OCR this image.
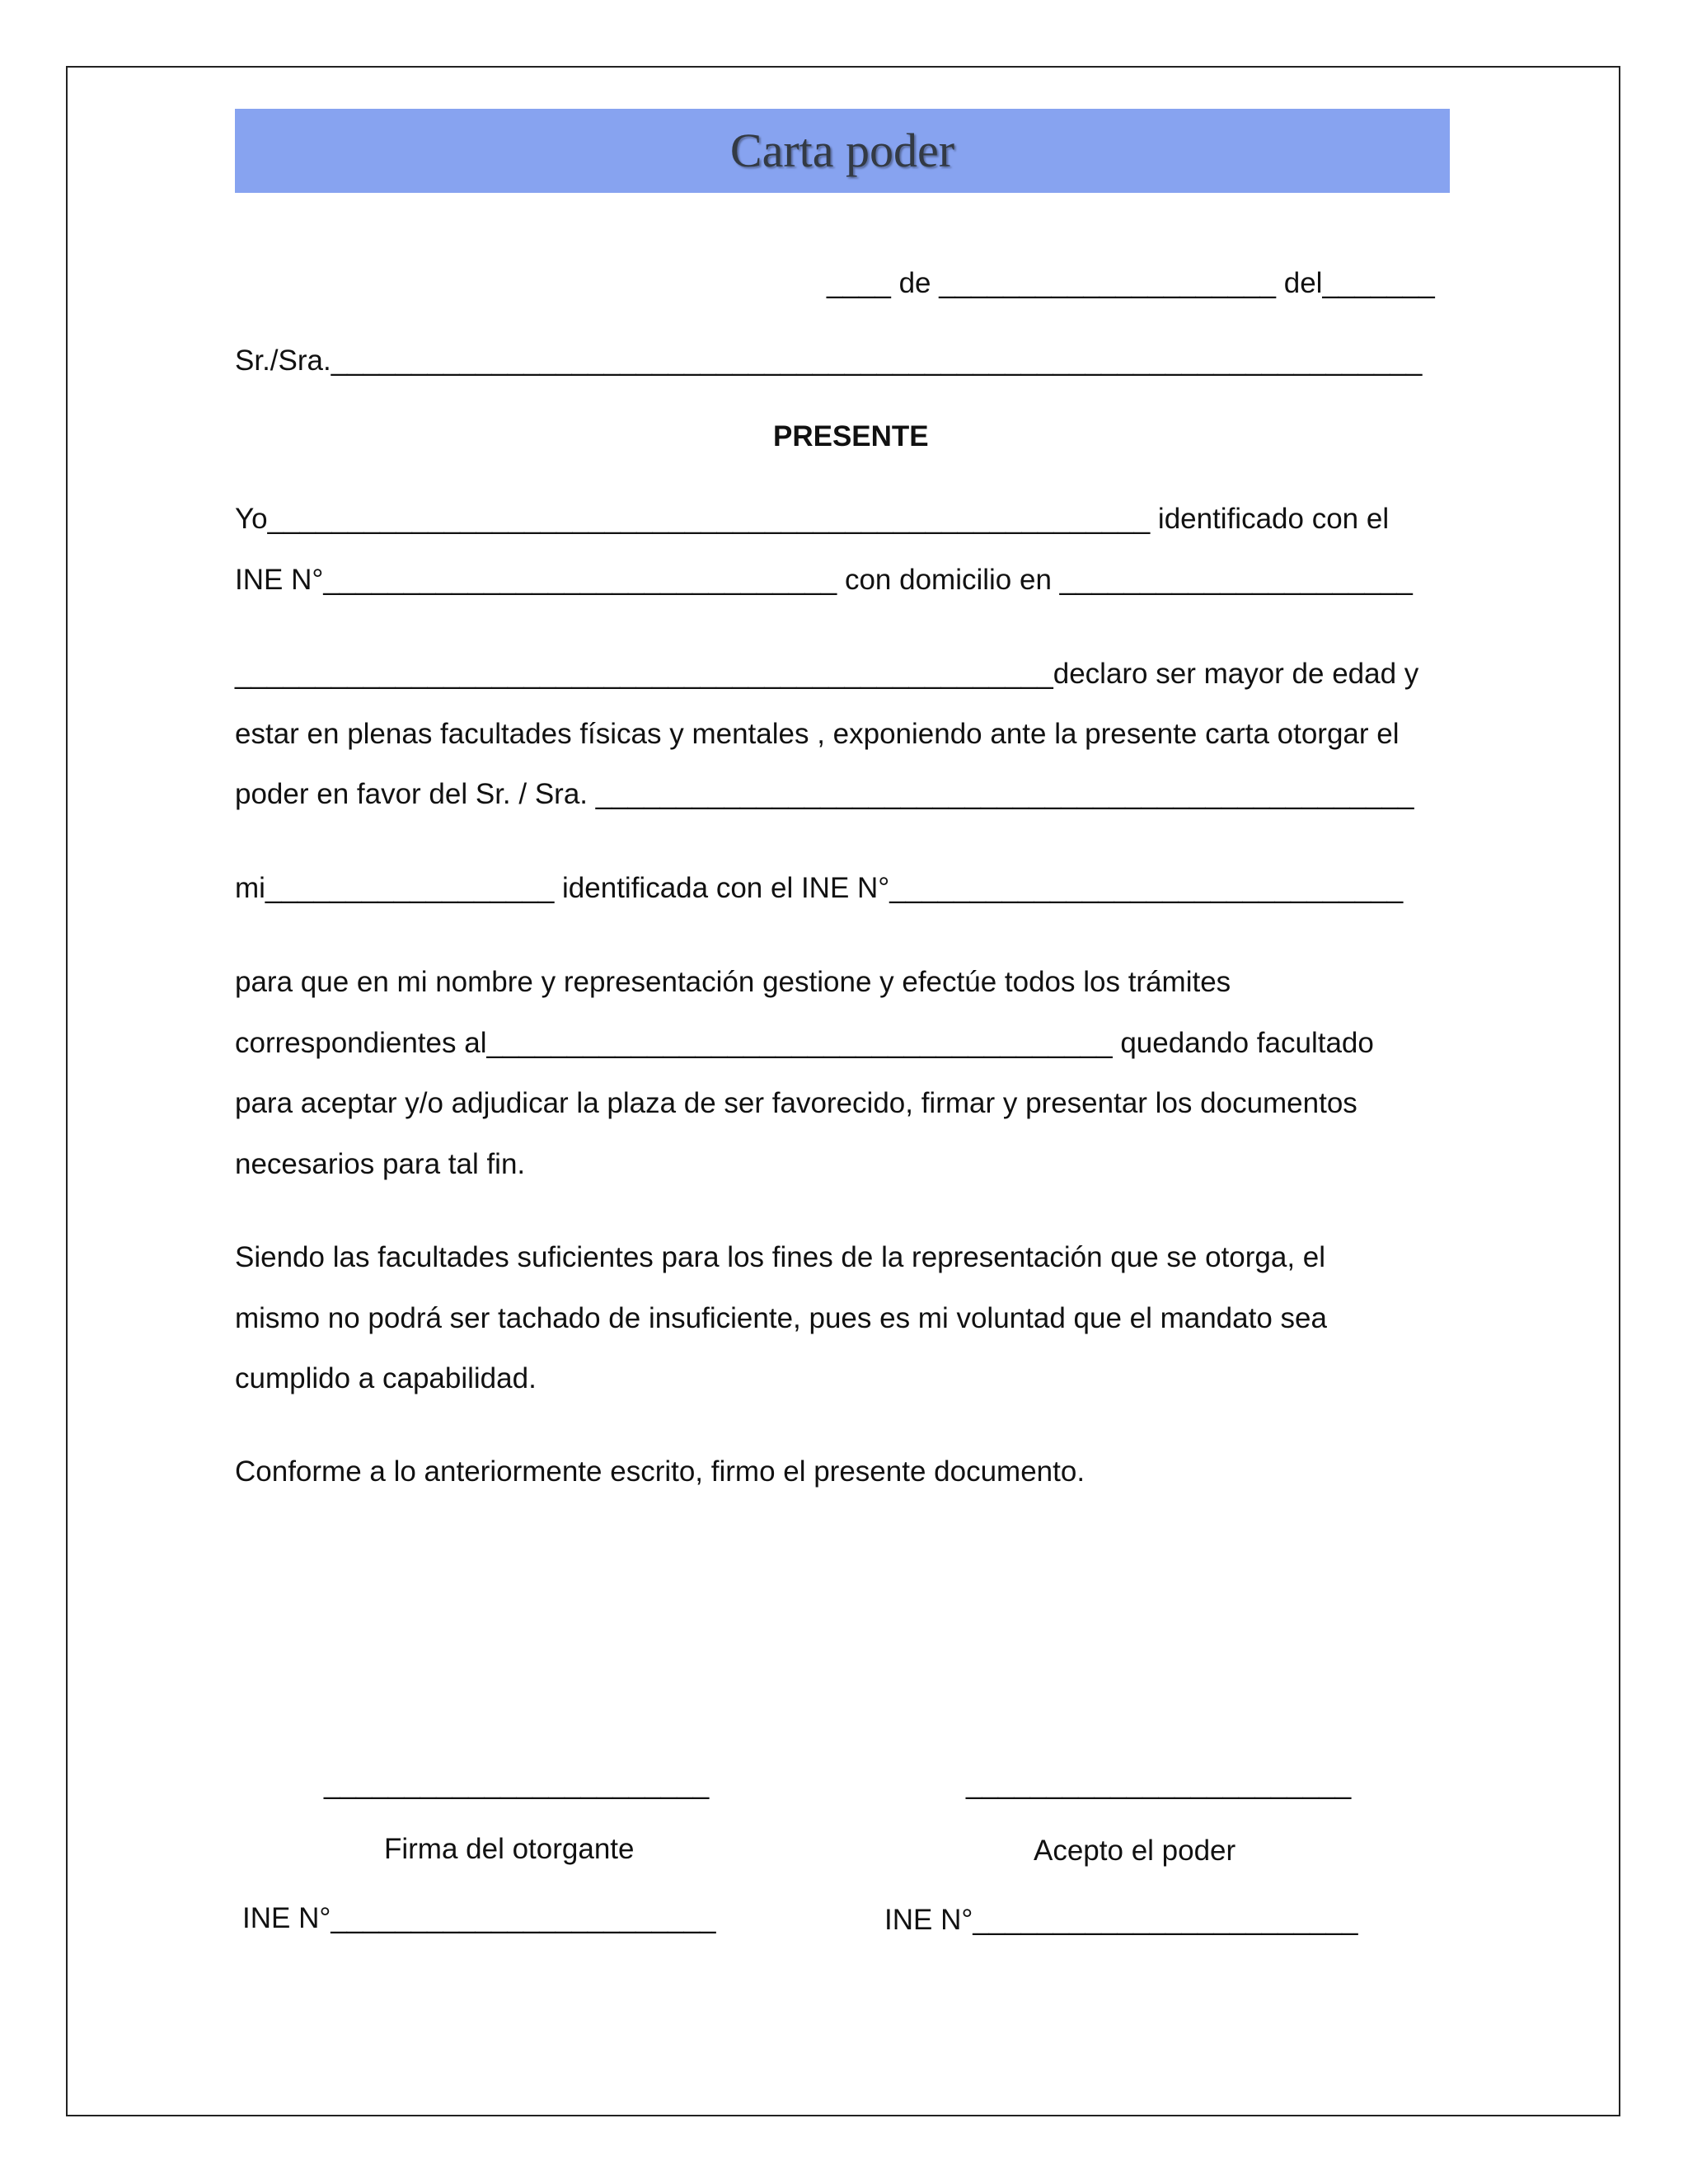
Carta poder
____ de _____________________ del_______
Sr./Sra.____________________________________________________________________
PRESENTE
Yo_______________________________________________________ identificado con el
INE N°________________________________ con domicilio en ______________________
___________________________________________________declaro ser mayor de edad y
estar en plenas facultades físicas y mentales , exponiendo ante la presente carta otorgar el
poder en favor del Sr. / Sra. ___________________________________________________
mi__________________ identificada con el INE N°________________________________
para que en mi nombre y representación gestione y efectúe todos los trámites
correspondientes al_______________________________________ quedando facultado
para aceptar y/o adjudicar la plaza de ser favorecido, firmar y presentar los documentos
necesarios para tal fin.
Siendo las facultades suficientes para los fines de la representación que se otorga, el
mismo no podrá ser tachado de insuficiente, pues es mi voluntad que el mandato sea
cumplido a capabilidad.
Conforme a lo anteriormente escrito, firmo el presente documento.
________________________
Firma del otorgante
INE N°________________________
________________________
Acepto el poder
INE N°________________________
